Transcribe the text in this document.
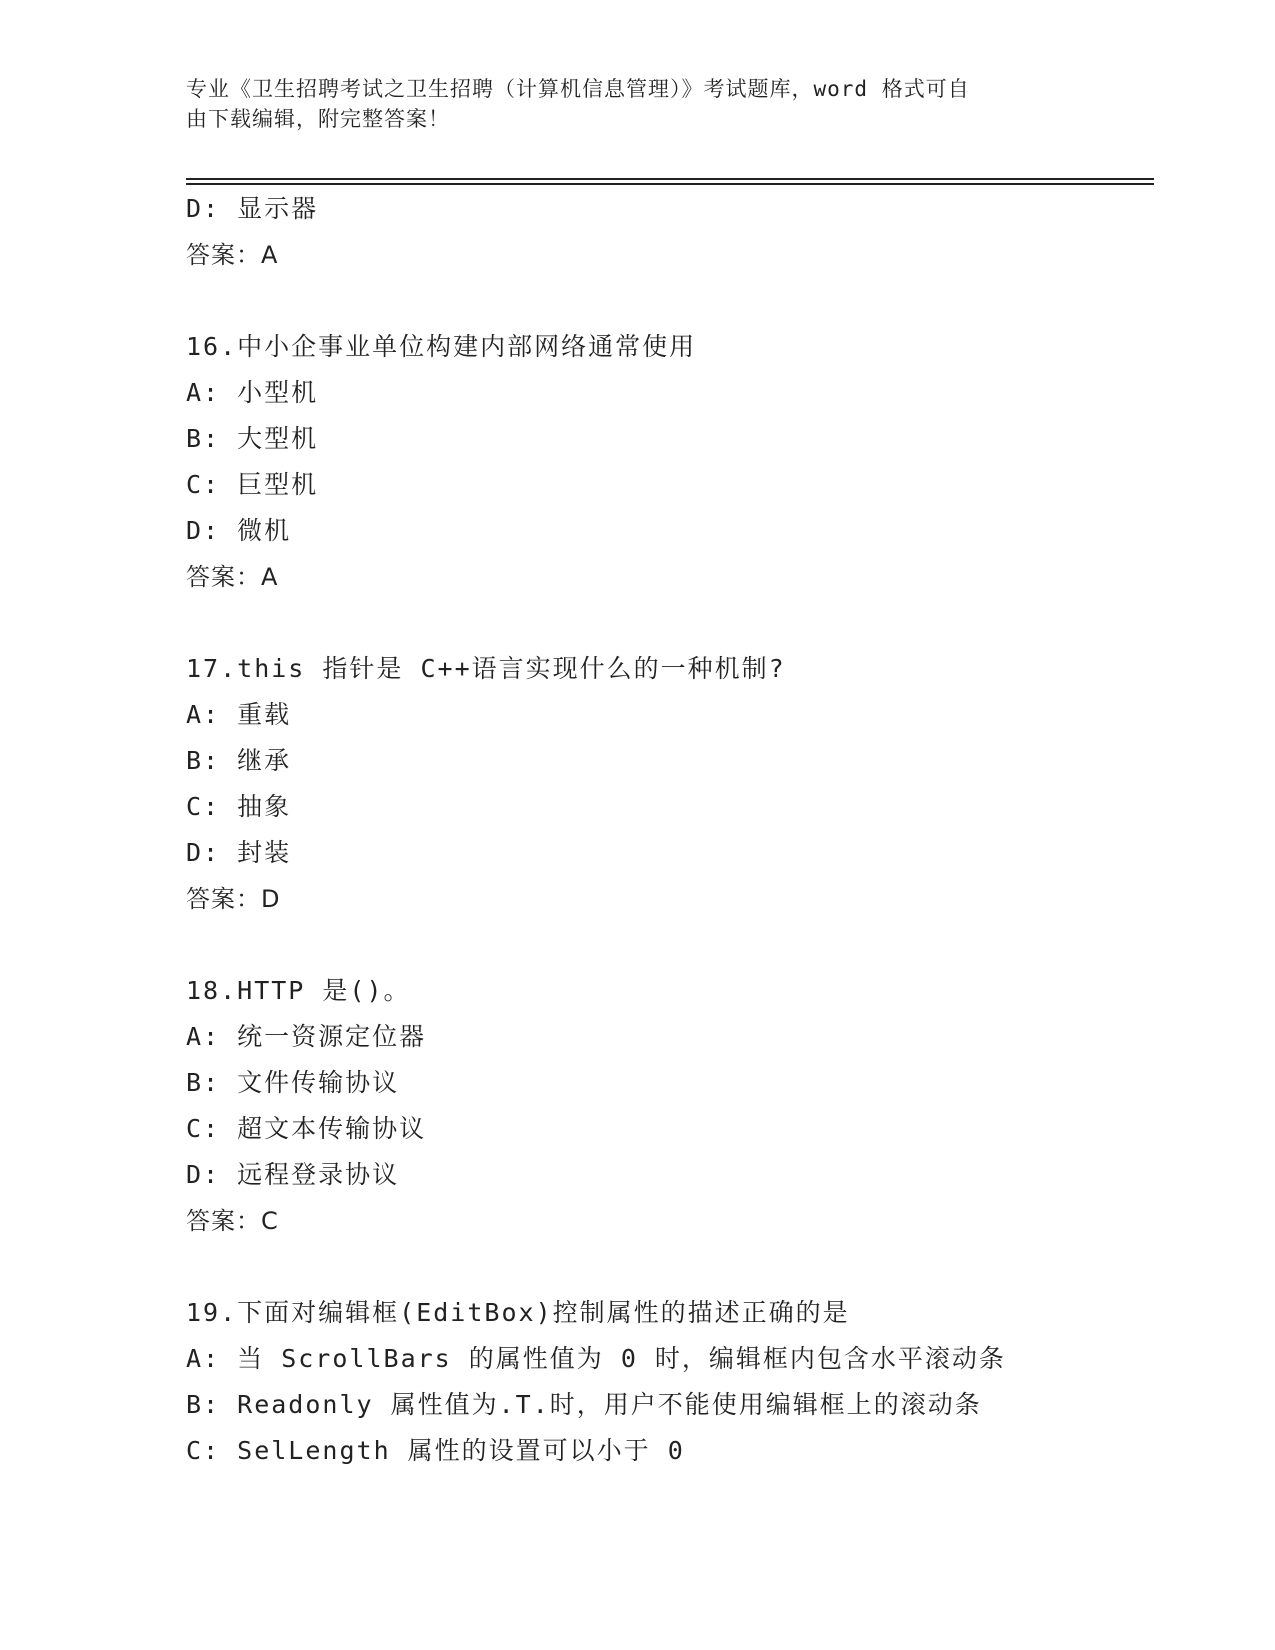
专业《卫生招聘考试之卫生招聘（计算机信息管理）》考试题库，word 格式可自
由下载编辑，附完整答案！
D: 显示器
答案：A
16.中小企事业单位构建内部网络通常使用
A: 小型机
B: 大型机
C: 巨型机
D: 微机
答案：A
17.this 指针是 C++语言实现什么的一种机制?
A: 重载
B: 继承
C: 抽象
D: 封装
答案：D
18.HTTP 是()。
A: 统一资源定位器
B: 文件传输协议
C: 超文本传输协议
D: 远程登录协议
答案：C
19.下面对编辑框(EditBox)控制属性的描述正确的是
A: 当 ScrollBars 的属性值为 0 时，编辑框内包含水平滚动条
B: Readonly 属性值为.T.时，用户不能使用编辑框上的滚动条
C: SelLength 属性的设置可以小于 0
